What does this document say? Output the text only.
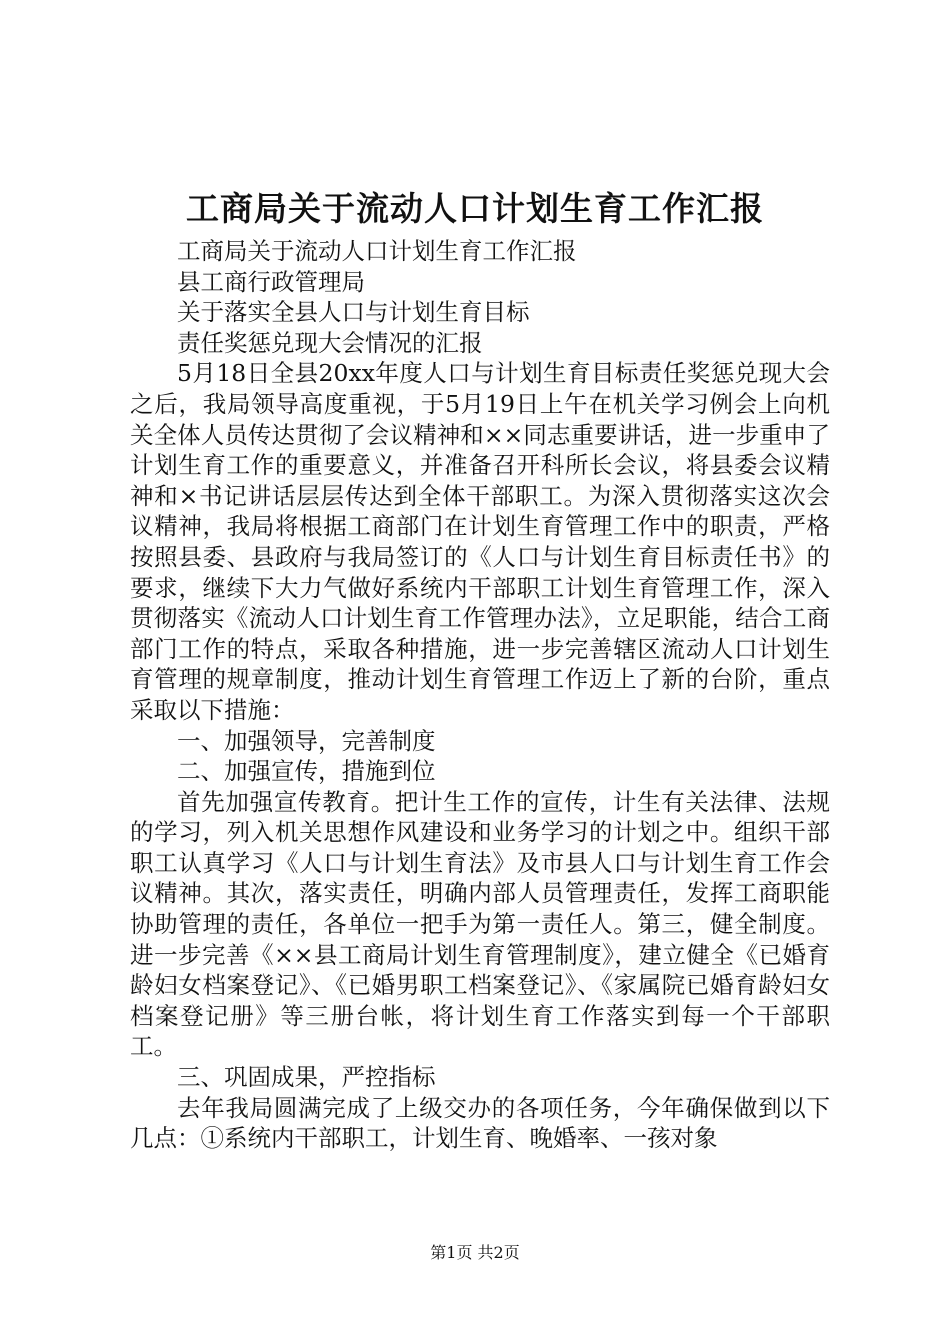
工商局关于流动人口计划生育工作汇报

工商局关于流动人口计划生育工作汇报

县工商行政管理局

关于落实全县人口与计划生育目标

责任奖惩兑现大会情况的汇报

5月18日全县20xx年度人口与计划生育目标责任奖惩兑现大会之后，我局领导高度重视，于5月19日上午在机关学习例会上向机关全体人员传达贯彻了会议精神和××同志重要讲话，进一步重申了计划生育工作的重要意义，并准备召开科所长会议，将县委会议精神和×书记讲话层层传达到全体干部职工。为深入贯彻落实这次会议精神，我局将根据工商部门在计划生育管理工作中的职责，严格按照县委、县政府与我局签订的《人口与计划生育目标责任书》的要求，继续下大力气做好系统内干部职工计划生育管理工作，深入贯彻落实《流动人口计划生育工作管理办法》，立足职能，结合工商部门工作的特点，采取各种措施，进一步完善辖区流动人口计划生育管理的规章制度，推动计划生育管理工作迈上了新的台阶，重点采取以下措施：

一、加强领导，完善制度

二、加强宣传，措施到位

首先加强宣传教育。把计生工作的宣传，计生有关法律、法规的学习，列入机关思想作风建设和业务学习的计划之中。组织干部职工认真学习《人口与计划生育法》及市县人口与计划生育工作会议精神。其次，落实责任，明确内部人员管理责任，发挥工商职能协助管理的责任，各单位一把手为第一责任人。第三，健全制度。进一步完善《××县工商局计划生育管理制度》，建立健全《已婚育龄妇女档案登记》、《已婚男职工档案登记》、《家属院已婚育龄妇女档案登记册》等三册台帐，将计划生育工作落实到每一个干部职工。

三、巩固成果，严控指标

去年我局圆满完成了上级交办的各项任务，今年确保做到以下几点：①系统内干部职工，计划生育、晚婚率、一孩对象

第1页 共2页
